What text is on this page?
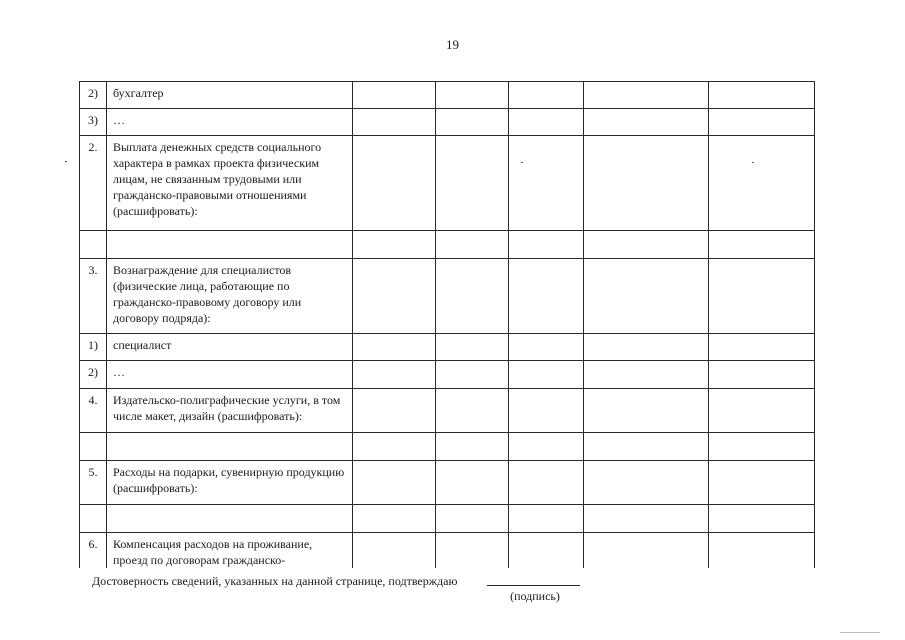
19
2)	бухгалтер					
3)	…					
2.	Выплата денежных средств социального характера в рамках проекта физическим лицам, не связанным трудовыми или гражданско-правовыми отношениями (расшифровать):					

3.	Вознаграждение для специалистов (физические лица, работающие по гражданско-правовому договору или договору подряда):					
1)	специалист					
2)	…					
4.	Издательско-полиграфические услуги, в том числе макет, дизайн (расшифровать):					

5.	Расходы на подарки, сувенирную продукцию (расшифровать):					

6.	Компенсация расходов на проживание, проезд по договорам гражданско-					
Достоверность сведений, указанных на данной странице, подтверждаю
(подпись)
